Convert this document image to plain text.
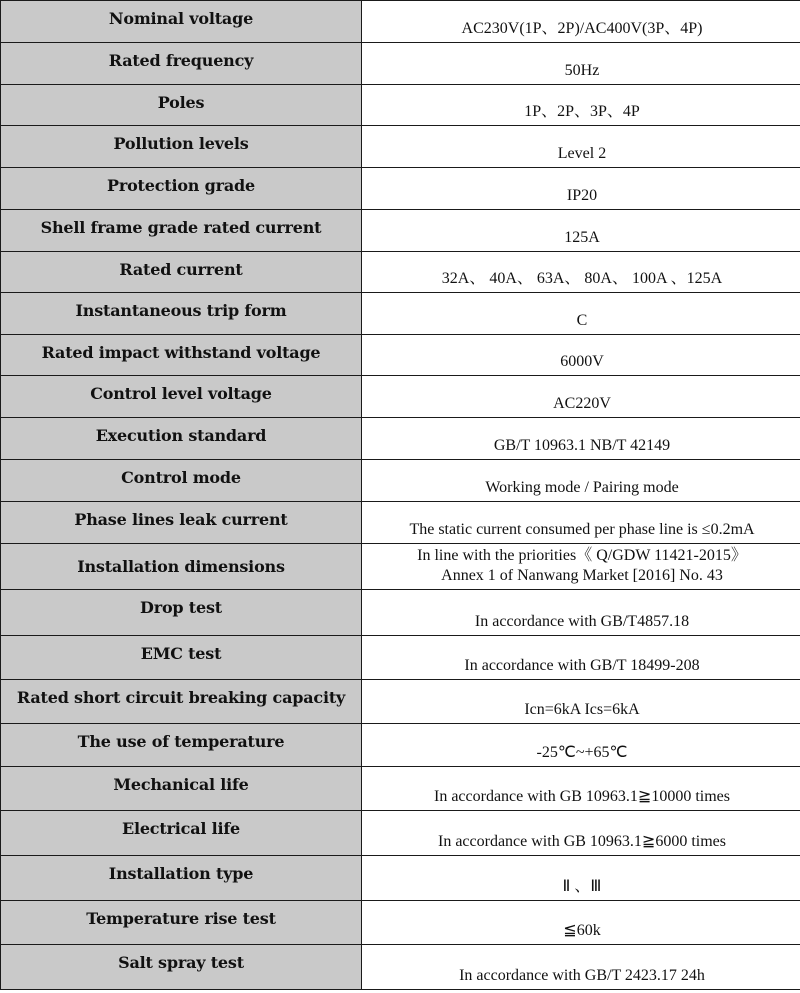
Nominal voltage	AC230V(1P、2P)/AC400V(3P、4P)
Rated frequency	50Hz
Poles	1P、2P、3P、4P
Pollution levels	Level 2
Protection grade	IP20
Shell frame grade rated current	125A
Rated current	32A、 40A、 63A、 80A、 100A 、125A
Instantaneous trip form	C
Rated impact withstand voltage	6000V
Control level voltage	AC220V
Execution standard	GB/T 10963.1 NB/T 42149
Control mode	Working mode / Pairing mode
Phase lines leak current	The static current consumed per phase line is ≤0.2mA
Installation dimensions	In line with the priorities《 Q/GDW 11421-2015》
Annex 1 of Nanwang Market [2016] No. 43

Drop test	In accordance with GB/T4857.18
EMC test	In accordance with GB/T 18499-208
Rated short circuit breaking capacity	Icn=6kA Ics=6kA
The use of temperature	-25℃~+65℃
Mechanical life	In accordance with GB 10963.1≧10000 times
Electrical life	In accordance with GB 10963.1≧6000 times
Installation type	Ⅱ 、Ⅲ
Temperature rise test	≦60k
Salt spray test	In accordance with GB/T 2423.17 24h
